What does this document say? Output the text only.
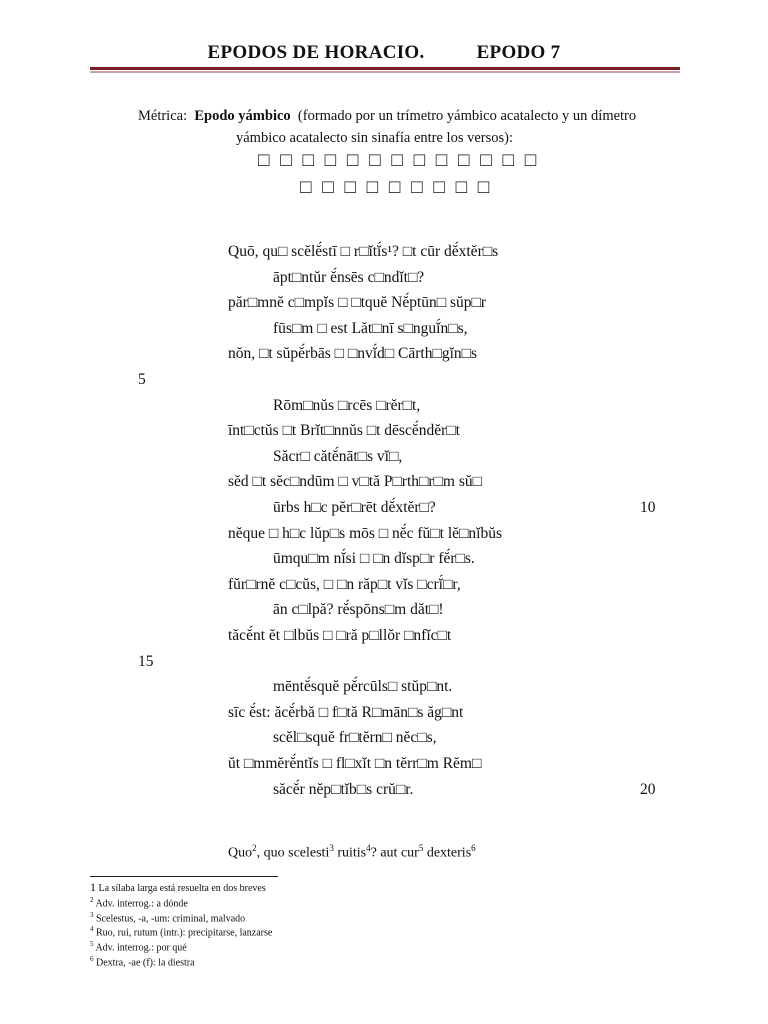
EPODOS DE HORACIO.	EPODO 7
Métrica: Epodo yámbico (formado por un trímetro yámbico acatalecto y un dímetro
yámbico acatalecto sin sinafía entre los versos):
□ □ □ □ □ □ □ □ □ □ □ □ □
□ □ □ □ □ □ □ □ □
Quō, qu□ scĕlĕ́stī □ r□ĭtĭ́s¹? □t cūr dĕ́xtĕr□s
āpt□ntŭr ĕ́nsēs c□ndĭt□?
păr□mnĕ c□mpĭs □ □tquĕ Nĕ́ptūn□ sŭp□r
fūs□m □ est Lăt□nī s□nguĭ́n□s,
nŏn, □t sŭpĕ́rbās □ □nvĭ́d□ Cārth□gĭn□s
5
Rōm□nŭs □rcēs □rĕr□t,
īnt□ctŭs □t Brĭt□nnŭs □t dēscĕ́ndĕr□t
Săcr□ cătĕ́nāt□s vĭ□,
sĕd □t sĕc□ndūm □ v□tă P□rth□r□m sŭ□
ūrbs h□c pĕr□rēt dĕ́xtĕr□?	10
nĕque □ h□c lŭp□s mōs □ nĕ́c fŭ□t lĕ□nĭbŭs
ūmqu□m nĭ́si □ □n dĭsp□r fĕ́r□s.
fŭr□rnĕ c□cŭs, □ □n răp□t vĭs □crĭ́□r,
ān c□lpă? rĕ́spōns□m dăt□!
tăcĕ́nt ĕt □lbŭs □ □ră p□llŏr □nfĭc□t
15
mēntĕ́squĕ pĕ́rcūls□ stŭp□nt.
sīc ĕ́st: ăcĕ́rbă □ f□tă R□mān□s ăg□nt
scĕl□squĕ fr□tĕrn□ nĕc□s,
ŭt □mmĕrĕ́ntĭs □ fl□xĭt □n tĕrr□m Rĕm□
săcĕ́r nĕp□tĭb□s crŭ□r.	20
Quo$^2$, quo scelesti$^3$ ruitis$^4$? aut cur$^5$ dexteris$^6$
1 La sílaba larga está resuelta en dos breves
$^2$ Adv. interrog.: a dónde
$^3$ Scelestus, -a, -um: criminal, malvado
$^4$ Ruo, rui, rutum (intr.): precipitarse, lanzarse
$^5$ Adv. interrog.: por qué
$^6$ Dextra, -ae (f): la diestra
